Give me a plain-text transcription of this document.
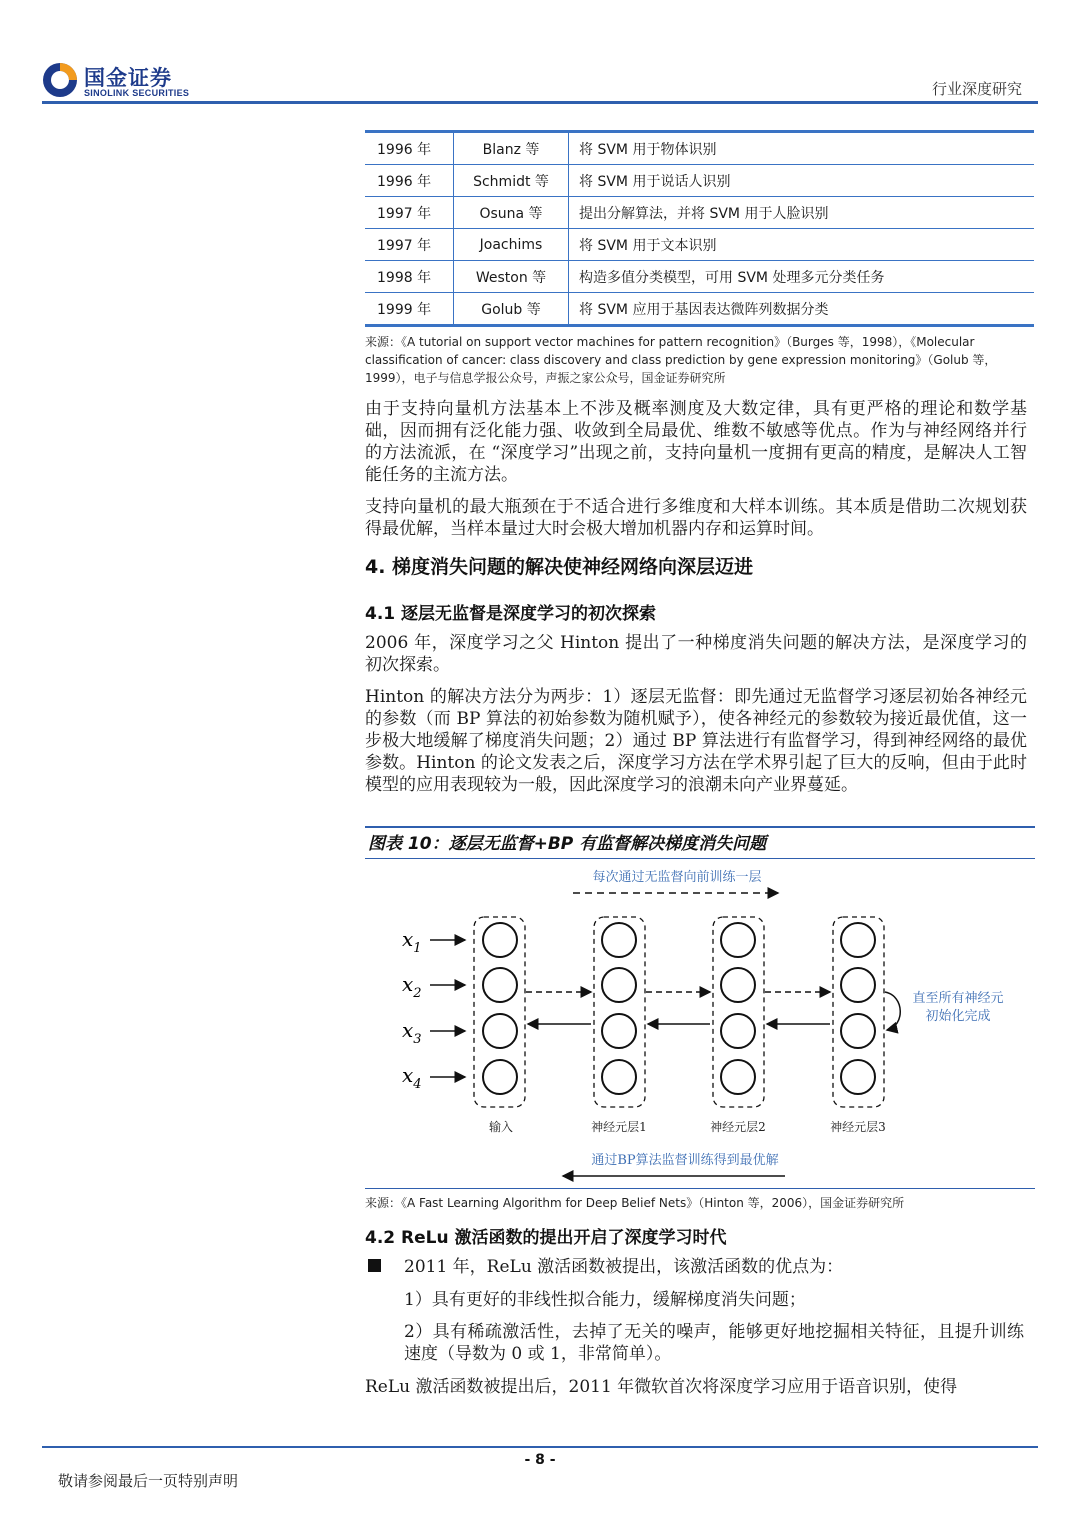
国金证券
SINOLINK SECURITIES	行业深度研究
1996 年	Blanz 等	将 SVM 用于物体识别
1996 年	Schmidt 等	将 SVM 用于说话人识别
1997 年	Osuna 等	提出分解算法，并将 SVM 用于人脸识别
1997 年	Joachims	将 SVM 用于文本识别
1998 年	Weston 等	构造多值分类模型，可用 SVM 处理多元分类任务
1999 年	Golub 等	将 SVM 应用于基因表达微阵列数据分类
来源：《A tutorial on support vector machines for pattern recognition》（Burges 等，1998），《Molecular classification of cancer: class discovery and class prediction by gene expression monitoring》（Golub 等，1999），电子与信息学报公众号，声振之家公众号，国金证券研究所
由于支持向量机方法基本上不涉及概率测度及大数定律，具有更严格的理论和数学基础，因而拥有泛化能力强、收敛到全局最优、维数不敏感等优点。作为与神经网络并行的方法流派，在 “深度学习”出现之前，支持向量机一度拥有更高的精度，是解决人工智能任务的主流方法。
支持向量机的最大瓶颈在于不适合进行多维度和大样本训练。其本质是借助二次规划获得最优解，当样本量过大时会极大增加机器内存和运算时间。
4. 梯度消失问题的解决使神经网络向深层迈进
4.1 逐层无监督是深度学习的初次探索
2006 年，深度学习之父 Hinton 提出了一种梯度消失问题的解决方法，是深度学习的初次探索。
Hinton 的解决方法分为两步：1）逐层无监督：即先通过无监督学习逐层初始各神经元的参数（而 BP 算法的初始参数为随机赋予），使各神经元的参数较为接近最优值，这一步极大地缓解了梯度消失问题；2）通过 BP 算法进行有监督学习，得到神经网络的最优参数。Hinton 的论文发表之后，深度学习方法在学术界引起了巨大的反响，但由于此时模型的应用表现较为一般，因此深度学习的浪潮未向产业界蔓延。
图表 10：逐层无监督+BP 有监督解决梯度消失问题
每次通过无监督向前训练一层
$x_1$
$x_2$
$x_3$
$x_4$
直至所有神经元
初始化完成
输入	神经元层1	神经元层2	神经元层3
通过BP算法监督训练得到最优解
来源：《A Fast Learning Algorithm for Deep Belief Nets》（Hinton 等，2006），国金证券研究所
4.2 ReLu 激活函数的提出开启了深度学习时代
2011 年，ReLu 激活函数被提出，该激活函数的优点为：
1）具有更好的非线性拟合能力，缓解梯度消失问题；
2）具有稀疏激活性，去掉了无关的噪声，能够更好地挖掘相关特征，且提升训练速度（导数为 0 或 1，非常简单）。
ReLu 激活函数被提出后，2011 年微软首次将深度学习应用于语音识别，使得
- 8 -
敬请参阅最后一页特别声明
